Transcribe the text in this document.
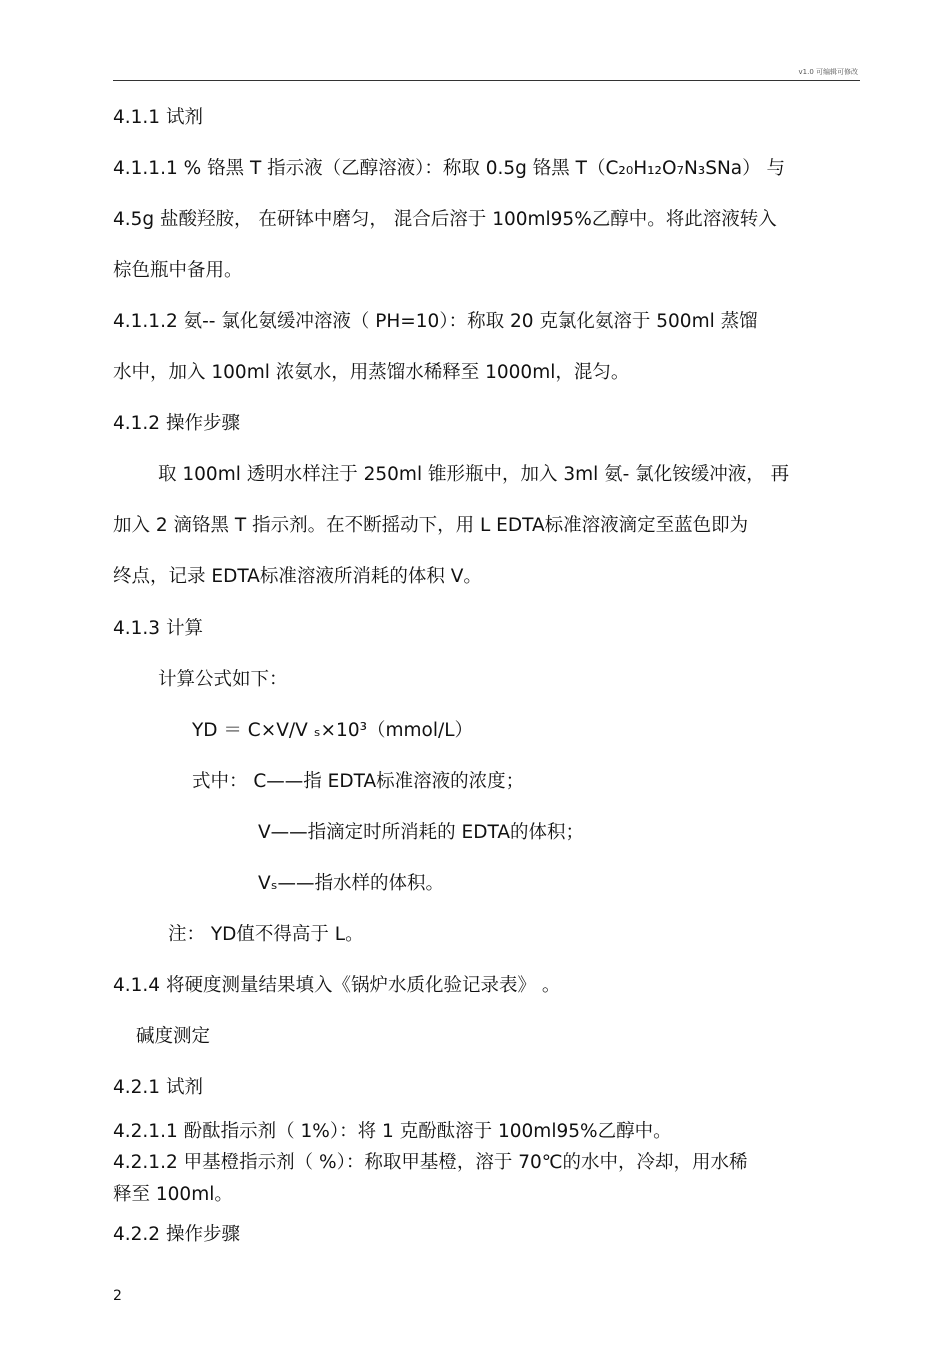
v1.0 可编辑可修改
4.1.1 试剂
4.1.1.1 % 铬黑 T 指示液（乙醇溶液）：称取 0.5g 铬黑 T（C₂₀H₁₂O₇N₃SNa） 与
4.5g 盐酸羟胺， 在研钵中磨匀， 混合后溶于 100ml95%乙醇中。将此溶液转入
棕色瓶中备用。
4.1.1.2 氨-- 氯化氨缓冲溶液（ PH=10）：称取 20 克氯化氨溶于 500ml 蒸馏
水中，加入 100ml 浓氨水，用蒸馏水稀释至 1000ml，混匀。
4.1.2 操作步骤
取 100ml 透明水样注于 250ml 锥形瓶中，加入 3ml 氨- 氯化铵缓冲液， 再
加入 2 滴铬黑 T 指示剂。在不断摇动下，用 L EDTA标准溶液滴定至蓝色即为
终点，记录 EDTA标准溶液所消耗的体积 V。
4.1.3 计算
计算公式如下：
YD ＝ C×V/V ₛ×10³（mmol/L）
式中： C——指 EDTA标准溶液的浓度；
V——指滴定时所消耗的 EDTA的体积；
Vₛ——指水样的体积。
注： YD值不得高于 L。
4.1.4 将硬度测量结果填入《锅炉水质化验记录表》 。
碱度测定
4.2.1 试剂
4.2.1.1 酚酞指示剂（ 1%）：将 1 克酚酞溶于 100ml95%乙醇中。
4.2.1.2 甲基橙指示剂（ %）：称取甲基橙，溶于 70℃的水中，冷却，用水稀
释至 100ml。
4.2.2 操作步骤
2
